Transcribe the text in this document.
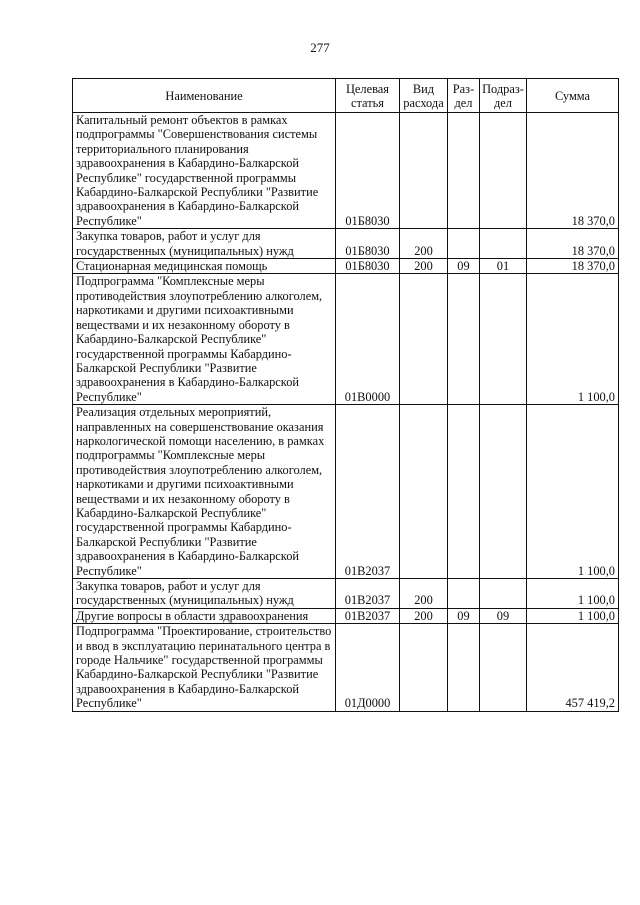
277
Наименование	Целевая статья	Вид расхода	Раз- дел	Подраз- дел	Сумма
Капитальный ремонт объектов в рамках подпрограммы "Совершенствования системы территориального планирования здравоохранения в Кабардино-Балкарской Республике" государственной программы Кабардино-Балкарской Республики "Развитие здравоохранения в Кабардино-Балкарской Республике"	01Б8030				18 370,0
Закупка товаров, работ и услуг для государственных (муниципальных) нужд	01Б8030	200			18 370,0
Стационарная медицинская помощь	01Б8030	200	09	01	18 370,0
Подпрограмма "Комплексные меры противодействия злоупотреблению алкоголем, наркотиками и другими психоактивными веществами и их незаконному обороту в Кабардино-Балкарской Республике" государственной программы Кабардино-Балкарской Республики "Развитие здравоохранения в Кабардино-Балкарской Республике"	01В0000				1 100,0
Реализация отдельных мероприятий, направленных на совершенствование оказания наркологической помощи населению, в рамках подпрограммы "Комплексные меры противодействия злоупотреблению алкоголем, наркотиками и другими психоактивными веществами и их незаконному обороту в Кабардино-Балкарской Республике" государственной программы Кабардино-Балкарской Республики "Развитие здравоохранения в Кабардино-Балкарской Республике"	01В2037				1 100,0
Закупка товаров, работ и услуг для государственных (муниципальных) нужд	01В2037	200			1 100,0
Другие вопросы в области здравоохранения	01В2037	200	09	09	1 100,0
Подпрограмма "Проектирование, строительство и ввод в эксплуатацию перинатального центра в городе Нальчике" государственной программы Кабардино-Балкарской Республики "Развитие здравоохранения в Кабардино-Балкарской Республике"	01Д0000				457 419,2
